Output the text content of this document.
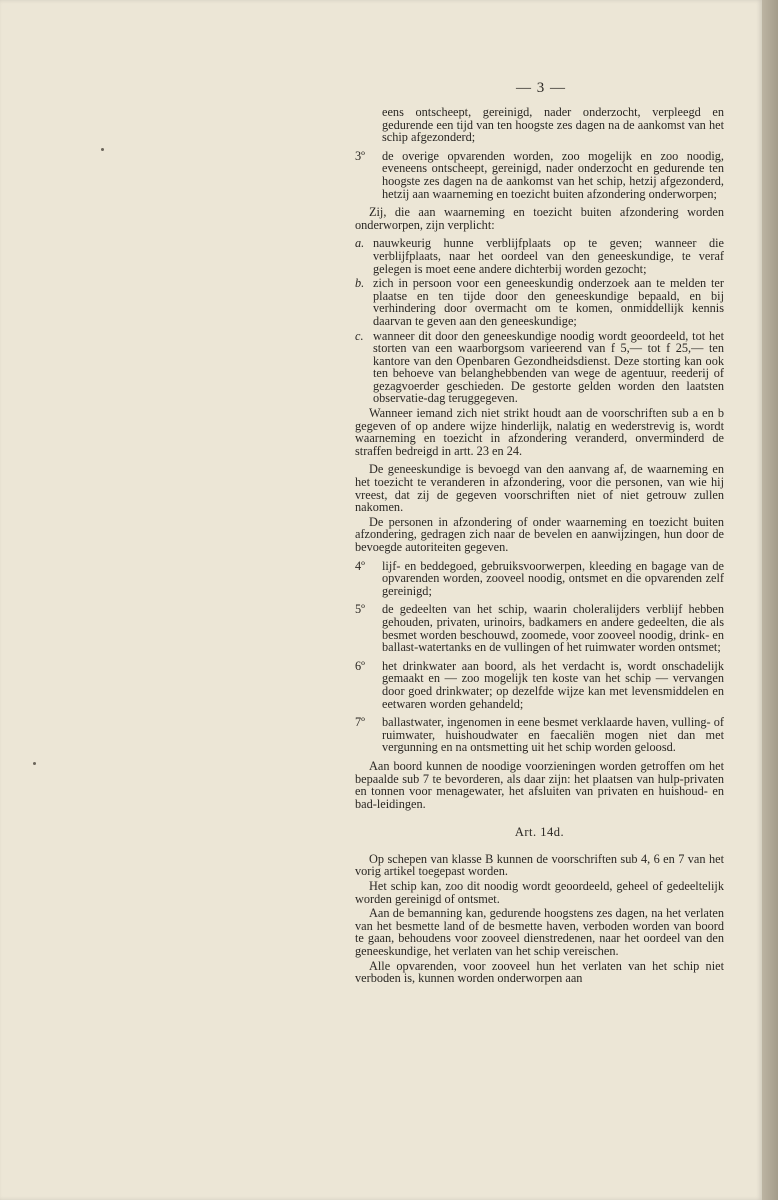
— 3 —

eens ontscheept, gereinigd, nader onderzocht, verpleegd en gedurende een tijd van ten hoogste zes dagen na de aankomst van het schip afgezonderd;

3º de overige opvarenden worden, zoo mogelijk en zoo noodig, eveneens ontscheept, gereinigd, nader onderzocht en gedurende ten hoogste zes dagen na de aankomst van het schip, hetzij afgezonderd, hetzij aan waarneming en toezicht buiten afzondering onderworpen;

Zij, die aan waarneming en toezicht buiten afzondering worden onderworpen, zijn verplicht:

a. nauwkeurig hunne verblijfplaats op te geven; wanneer die verblijfplaats, naar het oordeel van den geneeskundige, te veraf gelegen is moet eene andere dichterbij worden gezocht;

b. zich in persoon voor een geneeskundig onderzoek aan te melden ter plaatse en ten tijde door den geneeskundige bepaald, en bij verhindering door overmacht om te komen, onmiddellijk kennis daarvan te geven aan den geneeskundige;

c. wanneer dit door den geneeskundige noodig wordt geoordeeld, tot het storten van een waarborgsom varieerend van f 5,— tot f 25,— ten kantore van den Openbaren Gezondheidsdienst. Deze storting kan ook ten behoeve van belanghebbenden van wege de agentuur, reederij of gezagvoerder geschieden. De gestorte gelden worden den laatsten observatie-dag teruggegeven.

Wanneer iemand zich niet strikt houdt aan de voorschriften sub a en b gegeven of op andere wijze hinderlijk, nalatig en wederstrevig is, wordt waarneming en toezicht in afzondering veranderd, onverminderd de straffen bedreigd in artt. 23 en 24.

De geneeskundige is bevoegd van den aanvang af, de waarneming en het toezicht te veranderen in afzondering, voor die personen, van wie hij vreest, dat zij de gegeven voorschriften niet of niet getrouw zullen nakomen.

De personen in afzondering of onder waarneming en toezicht buiten afzondering, gedragen zich naar de bevelen en aanwijzingen, hun door de bevoegde autoriteiten gegeven.

4º lijf- en beddegoed, gebruiksvoorwerpen, kleeding en bagage van de opvarenden worden, zooveel noodig, ontsmet en die opvarenden zelf gereinigd;

5º de gedeelten van het schip, waarin choleralijders verblijf hebben gehouden, privaten, urinoirs, badkamers en andere gedeelten, die als besmet worden beschouwd, zoomede, voor zooveel noodig, drink- en ballast-watertanks en de vullingen of het ruimwater worden ontsmet;

6º het drinkwater aan boord, als het verdacht is, wordt onschadelijk gemaakt en — zoo mogelijk ten koste van het schip — vervangen door goed drinkwater; op dezelfde wijze kan met levensmiddelen en eetwaren worden gehandeld;

7º ballastwater, ingenomen in eene besmet verklaarde haven, vulling- of ruimwater, huishoudwater en faecaliën mogen niet dan met vergunning en na ontsmetting uit het schip worden geloosd.

Aan boord kunnen de noodige voorzieningen worden getroffen om het bepaalde sub 7 te bevorderen, als daar zijn: het plaatsen van hulp-privaten en tonnen voor menagewater, het afsluiten van privaten en huishoud- en bad-leidingen.

Art. 14d.

Op schepen van klasse B kunnen de voorschriften sub 4, 6 en 7 van het vorig artikel toegepast worden.

Het schip kan, zoo dit noodig wordt geoordeeld, geheel of gedeeltelijk worden gereinigd of ontsmet.

Aan de bemanning kan, gedurende hoogstens zes dagen, na het verlaten van het besmette land of de besmette haven, verboden worden van boord te gaan, behoudens voor zooveel dienstredenen, naar het oordeel van den geneeskundige, het verlaten van het schip vereischen.

Alle opvarenden, voor zooveel hun het verlaten van het schip niet verboden is, kunnen worden onderworpen aan
